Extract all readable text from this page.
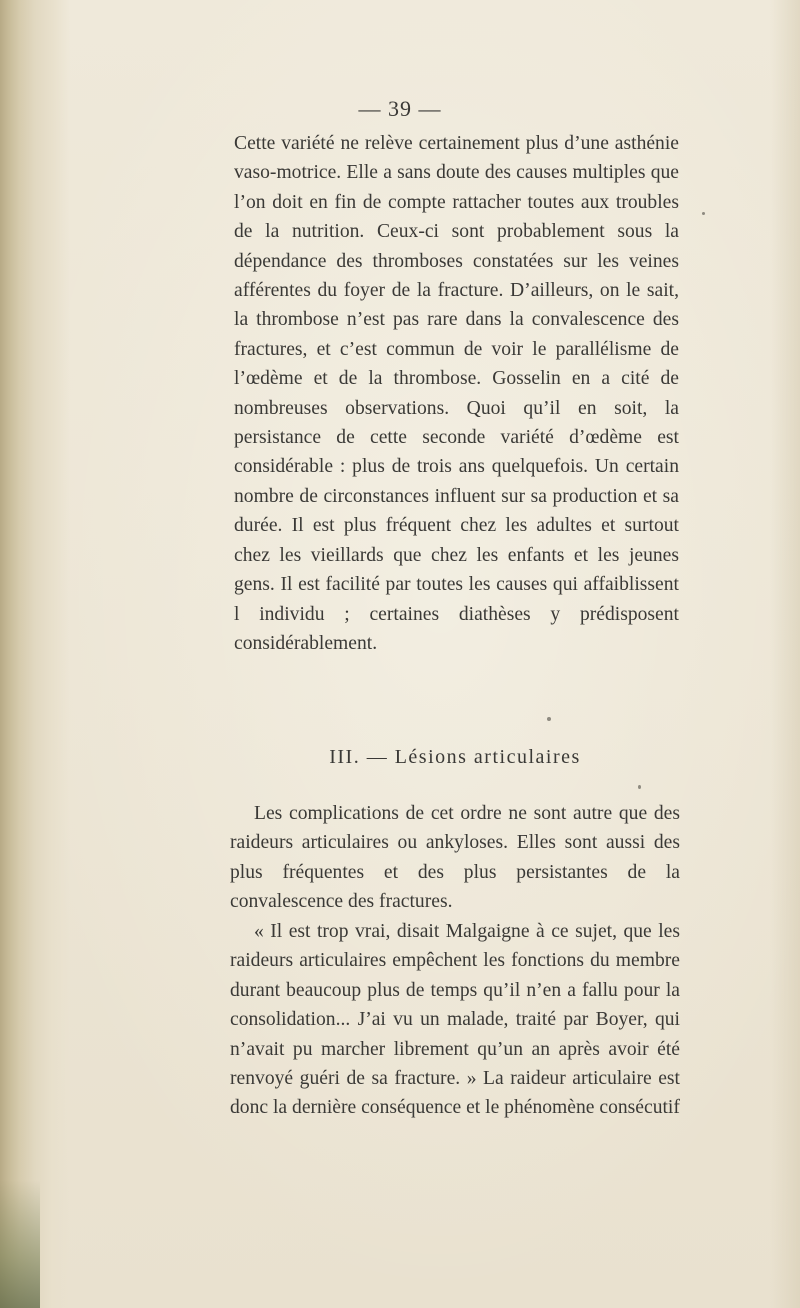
— 39 —

Cette variété ne relève certainement plus d’une asthénie vaso-motrice. Elle a sans doute des causes multiples que l’on doit en fin de compte rattacher toutes aux troubles de la nutrition. Ceux-ci sont probablement sous la dépendance des thromboses constatées sur les veines afférentes du foyer de la fracture. D’ailleurs, on le sait, la thrombose n’est pas rare dans la convalescence des fractures, et c’est commun de voir le parallélisme de l’œdème et de la thrombose. Gosselin en a cité de nombreuses observations. Quoi qu’il en soit, la persistance de cette seconde variété d’œdème est considérable : plus de trois ans quelquefois. Un certain nombre de circonstances influent sur sa production et sa durée. Il est plus fréquent chez les adultes et surtout chez les vieillards que chez les enfants et les jeunes gens. Il est facilité par toutes les causes qui affaiblissent l individu ; certaines diathèses y prédisposent considérablement.

III. — Lésions articulaires

Les complications de cet ordre ne sont autre que des raideurs articulaires ou ankyloses. Elles sont aussi des plus fréquentes et des plus persistantes de la convalescence des fractures.

« Il est trop vrai, disait Malgaigne à ce sujet, que les raideurs articulaires empêchent les fonctions du membre durant beaucoup plus de temps qu’il n’en a fallu pour la consolidation... J’ai vu un malade, traité par Boyer, qui n’avait pu marcher librement qu’un an après avoir été renvoyé guéri de sa fracture. » La raideur articulaire est donc la dernière conséquence et le phénomène consécutif
